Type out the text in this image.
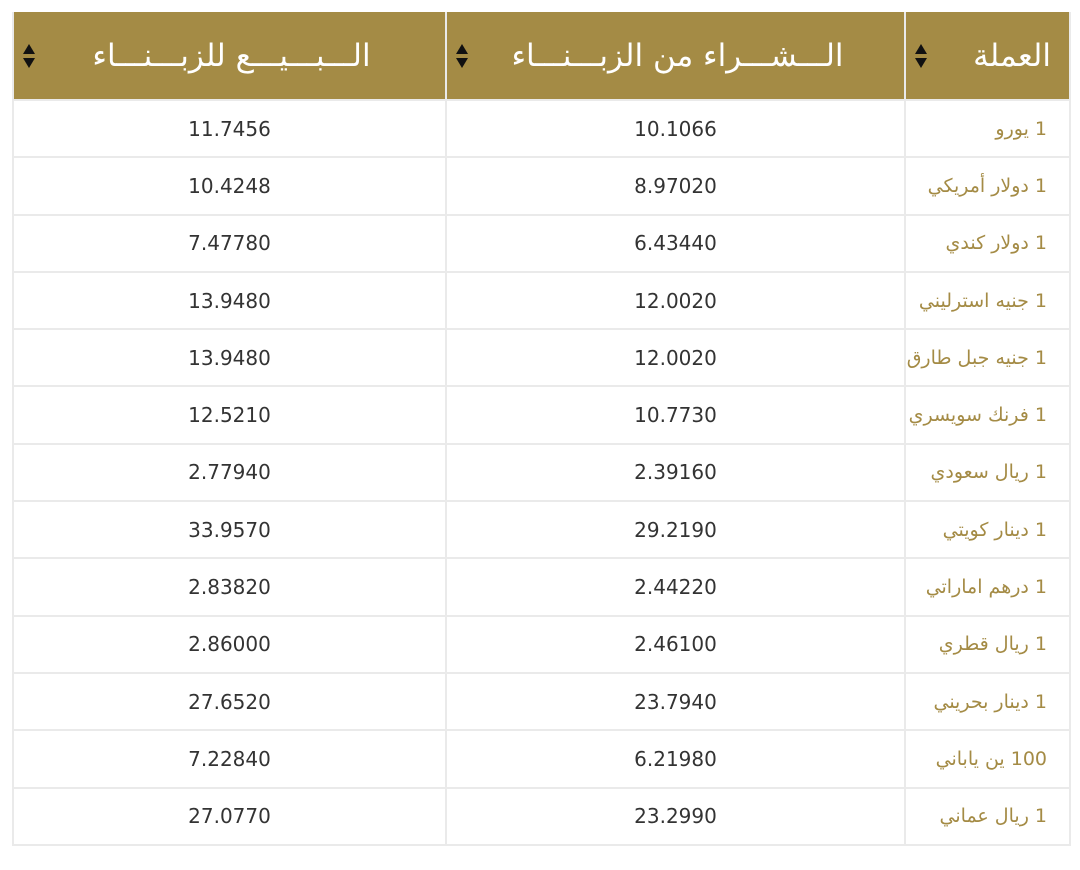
العملة	الـــشـــراء من الزبـــنـــاء	الـــبـــيـــع للزبـــنـــاء

1 يورو	10.1066	11.7456
1 دولار أمريكي	8.97020	10.4248
1 دولار كندي	6.43440	7.47780
1 جنيه استرليني	12.0020	13.9480
1 جنيه جبل طارق	12.0020	13.9480
1 فرنك سويسري	10.7730	12.5210
1 ريال سعودي	2.39160	2.77940
1 دينار كويتي	29.2190	33.9570
1 درهم اماراتي	2.44220	2.83820
1 ريال قطري	2.46100	2.86000
1 دينار بحريني	23.7940	27.6520
100 ين ياباني	6.21980	7.22840
1 ريال عماني	23.2990	27.0770
